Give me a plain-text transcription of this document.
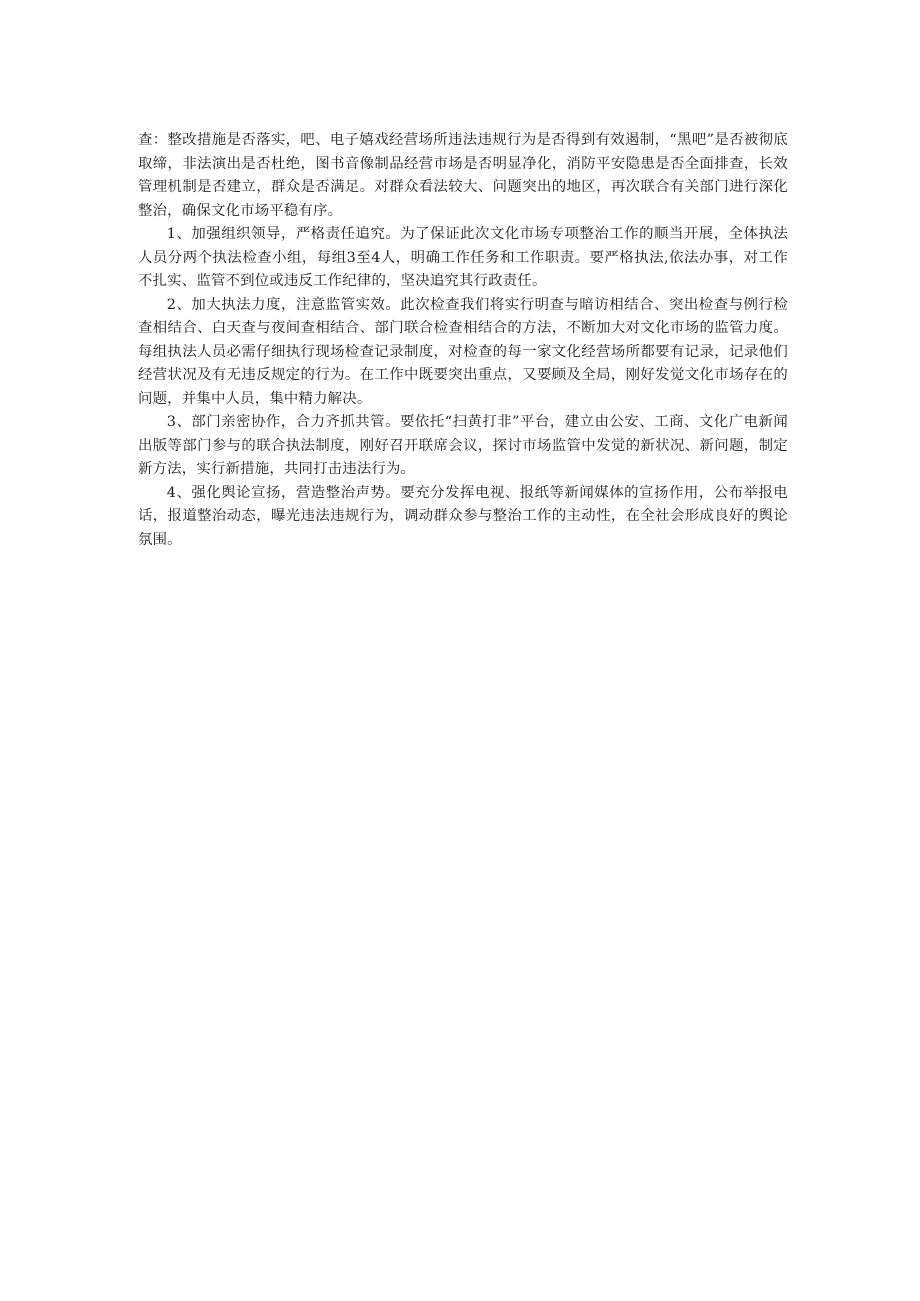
查：整改措施是否落实，吧、电子嬉戏经营场所违法违规行为是否得到有效遏制，“黑吧”是否被彻底取缔，非法演出是否杜绝，图书音像制品经营市场是否明显净化，消防平安隐患是否全面排查，长效管理机制是否建立，群众是否满足。对群众看法较大、问题突出的地区，再次联合有关部门进行深化整治，确保文化市场平稳有序。

1、加强组织领导，严格责任追究。为了保证此次文化市场专项整治工作的顺当开展，全体执法人员分两个执法检查小组，每组3至4人，明确工作任务和工作职责。要严格执法,依法办事，对工作不扎实、监管不到位或违反工作纪律的，坚决追究其行政责任。

2、加大执法力度，注意监管实效。此次检查我们将实行明查与暗访相结合、突出检查与例行检查相结合、白天查与夜间查相结合、部门联合检查相结合的方法，不断加大对文化市场的监管力度。每组执法人员必需仔细执行现场检查记录制度，对检查的每一家文化经营场所都要有记录，记录他们经营状况及有无违反规定的行为。在工作中既要突出重点，又要顾及全局，刚好发觉文化市场存在的问题，并集中人员，集中精力解决。

3、部门亲密协作，合力齐抓共管。要依托“扫黄打非”平台，建立由公安、工商、文化广电新闻出版等部门参与的联合执法制度，刚好召开联席会议，探讨市场监管中发觉的新状况、新问题，制定新方法，实行新措施，共同打击违法行为。

4、强化舆论宣扬，营造整治声势。要充分发挥电视、报纸等新闻媒体的宣扬作用，公布举报电话，报道整治动态，曝光违法违规行为，调动群众参与整治工作的主动性，在全社会形成良好的舆论氛围。
